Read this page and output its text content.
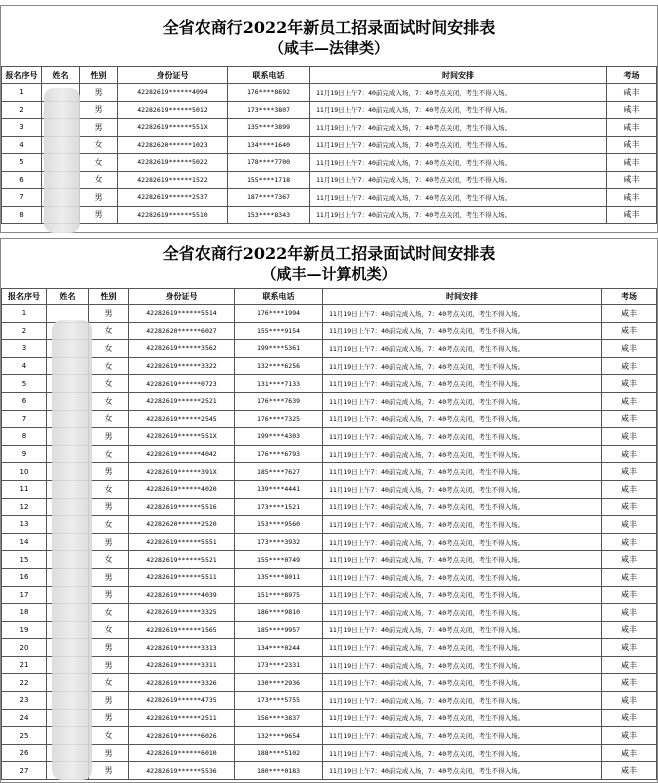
全省农商行2022年新员工招录面试时间安排表
（咸丰—法律类）
报名序号	姓名	性别	身份证号	联系电话	时间安排	考场
1		男	42282619******4094	176****8692	11月19日上午7：40前完成入场，7：40考点关闭，考生不得入场。	咸丰
2		男	42282619******5012	173****3807	11月19日上午7：40前完成入场，7：40考点关闭，考生不得入场。	咸丰
3		男	42282619******551X	135****3899	11月19日上午7：40前完成入场，7：40考点关闭，考生不得入场。	咸丰
4		女	42282620******1023	134****1640	11月19日上午7：40前完成入场，7：40考点关闭，考生不得入场。	咸丰
5		女	42282619******5022	178****7700	11月19日上午7：40前完成入场，7：40考点关闭，考生不得入场。	咸丰
6		女	42282619******1522	155****1718	11月19日上午7：40前完成入场，7：40考点关闭，考生不得入场。	咸丰
7		男	42282619******2537	187****7367	11月19日上午7：40前完成入场，7：40考点关闭，考生不得入场。	咸丰
8		男	42282619******5510	153****8343	11月19日上午7：40前完成入场，7：40考点关闭，考生不得入场。	咸丰
全省农商行2022年新员工招录面试时间安排表
（咸丰—计算机类）
报名序号	姓名	性别	身份证号	联系电话	时间安排	考场
1		男	42282619******5514	176****1994	11月19日上午7：40前完成入场，7：40考点关闭，考生不得入场。	咸丰
2		女	42282620******6027	155****9154	11月19日上午7：40前完成入场，7：40考点关闭，考生不得入场。	咸丰
3		女	42282619******3562	199****5361	11月19日上午7：40前完成入场，7：40考点关闭，考生不得入场。	咸丰
4		女	42282619******3322	132****6256	11月19日上午7：40前完成入场，7：40考点关闭，考生不得入场。	咸丰
5		女	42282619******0723	131****7133	11月19日上午7：40前完成入场，7：40考点关闭，考生不得入场。	咸丰
6		女	42282619******2521	176****7639	11月19日上午7：40前完成入场，7：40考点关闭，考生不得入场。	咸丰
7		女	42282619******2545	176****7325	11月19日上午7：40前完成入场，7：40考点关闭，考生不得入场。	咸丰
8		男	42282619******551X	199****4303	11月19日上午7：40前完成入场，7：40考点关闭，考生不得入场。	咸丰
9		女	42282619******4042	176****6793	11月19日上午7：40前完成入场，7：40考点关闭，考生不得入场。	咸丰
10		男	42282619******391X	185****7627	11月19日上午7：40前完成入场，7：40考点关闭，考生不得入场。	咸丰
11		女	42282619******4020	139****4441	11月19日上午7：40前完成入场，7：40考点关闭，考生不得入场。	咸丰
12		男	42282619******5516	173****1521	11月19日上午7：40前完成入场，7：40考点关闭，考生不得入场。	咸丰
13		女	42282620******2520	153****9560	11月19日上午7：40前完成入场，7：40考点关闭，考生不得入场。	咸丰
14		男	42282619******5551	173****3932	11月19日上午7：40前完成入场，7：40考点关闭，考生不得入场。	咸丰
15		女	42282619******5521	155****0749	11月19日上午7：40前完成入场，7：40考点关闭，考生不得入场。	咸丰
16		男	42282619******5511	135****8011	11月19日上午7：40前完成入场，7：40考点关闭，考生不得入场。	咸丰
17		男	42282619******4039	151****8975	11月19日上午7：40前完成入场，7：40考点关闭，考生不得入场。	咸丰
18		女	42282619******3325	186****9810	11月19日上午7：40前完成入场，7：40考点关闭，考生不得入场。	咸丰
19		女	42282619******1565	185****9957	11月19日上午7：40前完成入场，7：40考点关闭，考生不得入场。	咸丰
20		男	42282619******3313	134****0244	11月19日上午7：40前完成入场，7：40考点关闭，考生不得入场。	咸丰
21		男	42282619******3311	173****2331	11月19日上午7：40前完成入场，7：40考点关闭，考生不得入场。	咸丰
22		女	42282619******3326	130****2936	11月19日上午7：40前完成入场，7：40考点关闭，考生不得入场。	咸丰
23		男	42282619******4735	173****5755	11月19日上午7：40前完成入场，7：40考点关闭，考生不得入场。	咸丰
24		男	42282619******2511	156****3837	11月19日上午7：40前完成入场，7：40考点关闭，考生不得入场。	咸丰
25		女	42282619******6026	132****9654	11月19日上午7：40前完成入场，7：40考点关闭，考生不得入场。	咸丰
26		男	42282619******6010	188****5102	11月19日上午7：40前完成入场，7：40考点关闭，考生不得入场。	咸丰
27		男	42282619******5536	180****0183	11月19日上午7：40前完成入场，7：40考点关闭，考生不得入场。	咸丰
